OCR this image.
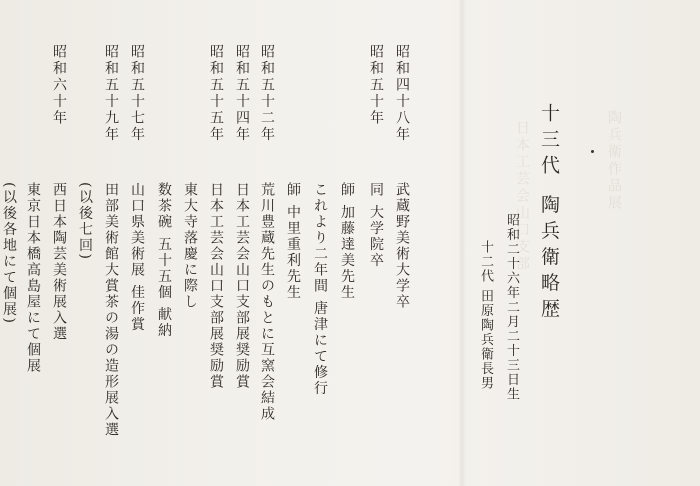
日本工芸会山口支部	陶兵衛作品展
十三代 陶兵衛略歴
昭和二十六年二月二十三日生
十二代 田原陶兵衛長男
昭和四十八年
昭和五十年
昭和五十二年
昭和五十四年
昭和五十五年
昭和五十七年
昭和五十九年
昭和六十年
武蔵野美術大学卒
同 大学院卒
師 加藤達美先生
これより二年間 唐津にて修行
師 中里重利先生
荒川豊蔵先生のもとに互窯会結成
日本工芸会山口支部展奨励賞
日本工芸会山口支部展奨励賞
東大寺落慶に際し
数茶碗 五十五個 献納
山口県美術展 佳作賞
田部美術館大賞茶の湯の造形展入選
(以後七回)
西日本陶芸美術展入選
東京日本橋高島屋にて個展
(以後各地にて個展)
